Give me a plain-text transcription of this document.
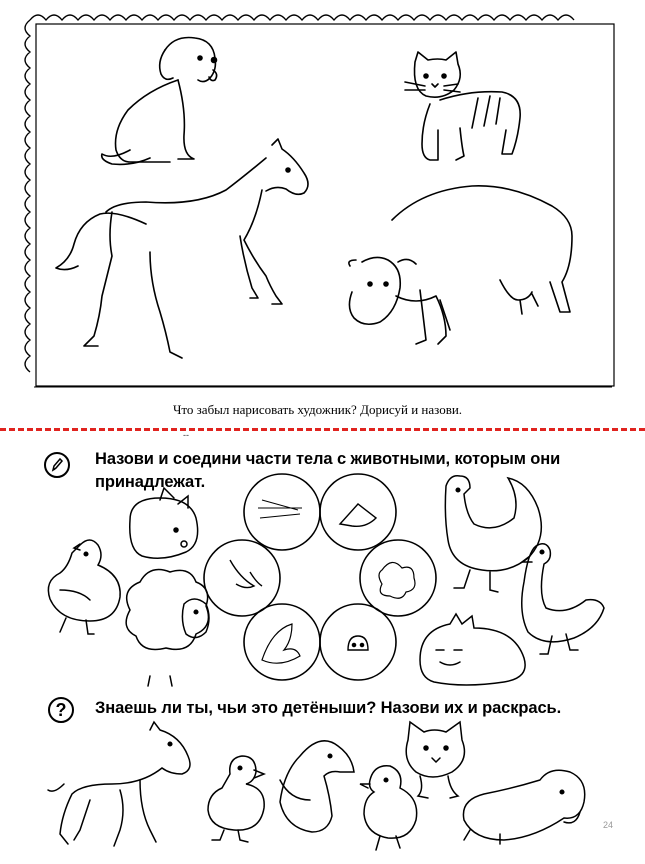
Что забыл нарисовать художник? Дорисуй и назови.
--
Назови и соедини части тела с животными, которым они принадлежат.
? Знаешь ли ты, чьи это детёныши? Назови их и раскрась.
24
